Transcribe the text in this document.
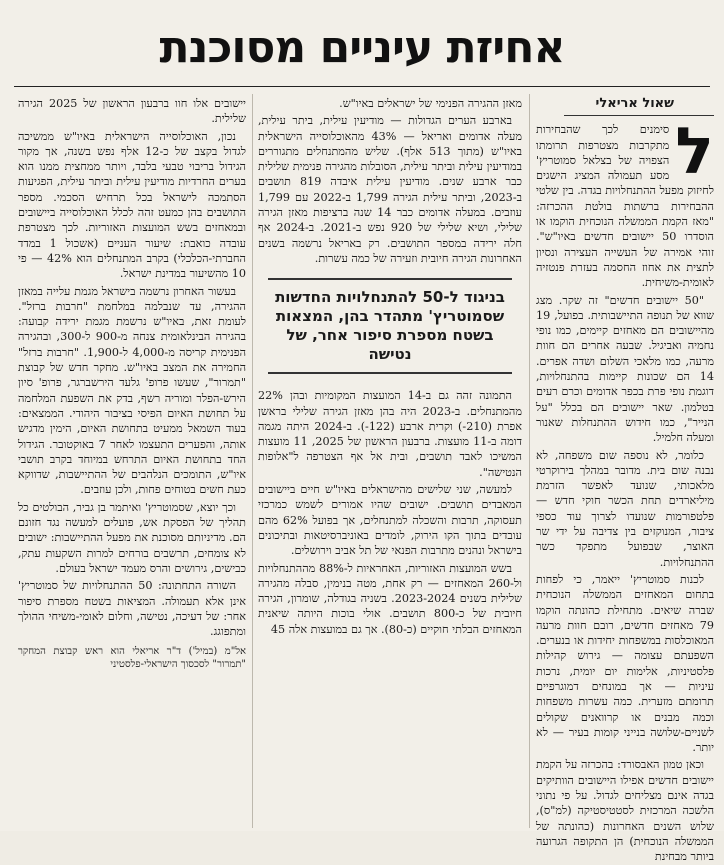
אחיזת עיניים מסוכנת
שאול אריאלי
ל

סימנים לכך שהבחירות מתקרבות מצטרפות תרומתו הצפויה של בצלאל סמוטריץ' מסע תעמולה המציג הישגים לחיזוק מפעל ההתנחלויות בגדה. בין שלטי ההבחירות ברשתות בולטת ההכרזה: "מאז הקמת הממשלה הנוכחית הוקמו או הוסדרו 50 יישובים חדשים באיו"ש". זוהי אמירה של העשייה העצירה ונסיון לתצית את אחוז החסמה בעזרת פנטזיה לאומית-משיחית.

"50 יישובים חדשים" זה שקר. מצג שווא של תנופה התיישבותית. בפועל, 19 מהיישובים הם מאחזים קיימים, כמו נופי נחמיה ואביגיל. שבעה אחרים הם חוות מרעה, כמו מלאכי השלום ושדה אפרים. 14 הם שכונות קיימות בהתנחלויות, דוגמת נופי פרת בכפר אדומים וכרם רעים בטלמון. שאר יישובים הם בכלל "על הנייר", כמו חידוש ההתנחלות שאנור ומעלה חלמיל.

כלומר, לא נוספה שום משפחה, לא נבנה שום בית. מדובר במהלך בירוקרטי מלאכותי, שנועד לאפשר הזרמת מיליארדים תחת הכשר חוקי חדש — פלטפורמות שנועדו לצרוך עוד כספי ציבור, המנוקזים בין צדיבה על ידי שר האוצר, שבפועל מתפקד כשר ההתנחלויות.

לכנות סמוטריץ' ייאמר, כי לפחות בתחום המאחזים הממשלה הנוכחית שברה שיאים. מתחילת כהונתה הוקמו 79 מאחזים חדשים, רובם חוות מרעה המאוכלסות במשפחות יחידות או בנערים. השפעתם עצומה — גירוש קהילות פלסטיניות, אלימות יום יומית, נרכות עיניות — אך במונחים דמוגרפיים תרומתם מזערית. כמה עשרות משפחות וכמה מבנים או קרוואנים שקולים לשניים-שלושה בנייני קומות בעיר — לא יותר.

וכאן טמון האבסורד: בהכרזה על הקמת יישובים חדשים אפילו היישובים הוותיקים בגדה אינם מצליחים לגדול. על פי נתוני הלשכה המרכזית לסטטיסטיקה (למ"ס), שלוש השנים האחרונות (כהונתה של הממשלה הנוכחית) הן התקופה הגרועה ביותר מבחינת

מאזן ההגירה הפנימי של ישראלים באיו"ש.

בארבע הערים הגדולות — מודיעין עילית, ביתר עילית, מעלה אדומים ואריאל — 43% מהאוכלוסייה הישראלית באיו"ש (מתוך 513 אלף). שליש מהמתנחלים מתגוררים במודיעין עילית וביתר עילית, הסובלות מהגירה פנימית שלילית כבר ארבע שנים. מודיעין עילית איבדה 819 תושבים ב-2023, וביתר עילית הגירה 1,799 ב-2022 עם 1,799 עוזבים. במעלה אדומים כבר 14 שנה ברציפות מאזן הגירה שלילי, ושיא שלילי של 920 נפש ב-2021. ב-2024 אף חלה ירידה במספר התושבים. רק באריאל נרשמה בשנים האחרונות הגירה חיובית וזעירה של כמה עשרות.

בניגוד ל-50 להתנחלויות החדשות שסמוטריץ' מתהדר בהן, המצאות בשטח מספרת סיפור אחר, של נטישה

התמונה זהה גם ב-14 המועצות המקומיות ובהן 22% מהמתנחלים. ב-2023 היה בהן מאזן הגירה שלילי בראשן אפרת (210-) וקרית ארבע (122-). ב-2024 היתה מגמה דומה ב-11 מועצות. ברבעון הראשון של 2025, 11 מועצות המשיכו לאבד תושבים, ובית אל אף הצטרפה ל"אלופות הנטישה".

למעשה, שני שלישים מהישראלים באיו"ש חיים ביישובים המאבדים תושבים. ישובים שהיו אמורים לשמש כמרכזי תעסוקה, תרבות והשכלה למתנחלים, אך בפועל 62% מהם עובדים בתוך הקו הירוק, לומדים באוניברסיטאות ובתיכונים בישראל ונהנים מתרבות הפנאי של תל אביב וירושלים.

בשש המועצות האזוריות, האחראיות ל-88% מההתנחלויות ול-260 המאחזים — רק אחת, מטה בנימין, סבלה מהגירה שלילית בשנים 2023-2024. בשניה בגודלה, שומרון, הגירה חיובית של כ-800 תושבים. אולי בוכות היותה שיאנית המאחזים הבלתי חוקיים (כ-80). אך גם במועצות אלה 45

יישובים אלו חוו ברבעון הראשון של 2025 הגירה שלילית.

נכון, האוכלוסייה הישראלית באיו"ש ממשיכה לגדול בקצב של כ-12 אלף נפש בשנה, אך מקור הגידול בריבוי טבעי בלבד, ויותר ממחצית ממנו הוא בערים החרדיות מודיעין עילית וביתר עילית, הפגיעות הסתמכה לישראל בכל תרחיש הסכמי. מספר התושבים בהן כמעט זהה לכלל האוכלוסייה ביישובים ובמאחזים בשש המועצות האזוריות. לכך מצטרפת עובדה כואבת: שיעור העניים (אשכול 1 במדד החברתי-הכלכלי) בקרב המתנחלים הוא 42% — פי 10 מהשיעור במדינת ישראל.

בעשור האחרון נרשמה בישראל מגמת עלייה במאזן ההגירה, עד שנבלמה במלחמת "חרבות ברזל". לעומת זאת, באיו"ש נרשמת מגמת ירידה קבועה: בהגירה הבינלאומית צנחה מ-900 ל-300, ובהגירה הפנימית קריסה מ-4,000 ל-1,900. "חרבות ברזל" החמירה את המצב באיו"ש. מחקר חדש של קבוצת "תמרור", שעשו פרופ' גלעד הירשברגר, פרופ' סיון הירש-הפלר ומוריה רשף, בדק את השפעת המלחמה על תחושת האיום הפיסי בציבור היהודי. הממצאים: בעוד השמאל ממעיט בתחושת האיום, הימין מדגיש אותה, והפערים התעצמו לאחר 7 באוקטובר. הגידול החד בתחושת האיום התרחש במיוחד בקרב תושבי איו"ש, התומכים הנלהבים של ההתיישבות, שדווקא כעת חשים בטוחים פחות, ולכן עוזבים.

וכך יוצא, שסמוטריץ' ואיתמר בן גביר, הבולטים כל תהליך של הפסקת אש, פועלים למעשה נגד חזונם הם. מדיניותם מסוכנת את מפעל ההתיישבות: ישובים לא צומחים, תרשבים בורחים למרות השקעות עתק, כבישים, גירושים והרס מעמד ישראל בעולם.

השורה התחתונה: 50 ההתנחלויות של סמוטריץ' אינן אלא תעמולה. המציאות בשטח מספרת סיפור אחר: של דעיכה, נטישה, וחלום לאומי-משיחי ההולך ומתפוגג.

אל"מ (במיל') ד"ר אריאלי הוא ראש קבוצת המחקר "תמרור" לסכסוך הישראלי-פלסטיני
